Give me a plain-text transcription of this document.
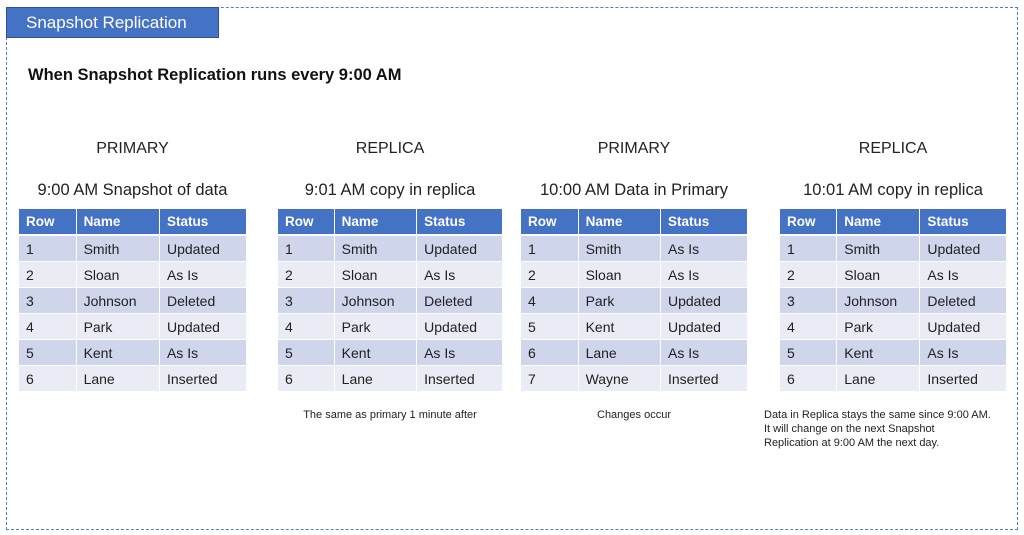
Snapshot Replication
When Snapshot Replication runs every 9:00 AM
PRIMARY
9:00 AM Snapshot of data
Row	Name	Status
1	Smith	Updated
2	Sloan	As Is
3	Johnson	Deleted
4	Park	Updated
5	Kent	As Is
6	Lane	Inserted
REPLICA
9:01 AM copy in replica
Row	Name	Status
1	Smith	Updated
2	Sloan	As Is
3	Johnson	Deleted
4	Park	Updated
5	Kent	As Is
6	Lane	Inserted
The same as primary 1 minute after
PRIMARY
10:00 AM Data in Primary
Row	Name	Status
1	Smith	As Is
2	Sloan	As Is
4	Park	Updated
5	Kent	Updated
6	Lane	As Is
7	Wayne	Inserted
Changes occur
REPLICA
10:01 AM copy in replica
Row	Name	Status
1	Smith	Updated
2	Sloan	As Is
3	Johnson	Deleted
4	Park	Updated
5	Kent	As Is
6	Lane	Inserted
Data in Replica stays the same since 9:00 AM.
It will change on the next Snapshot
Replication at 9:00 AM the next day.
